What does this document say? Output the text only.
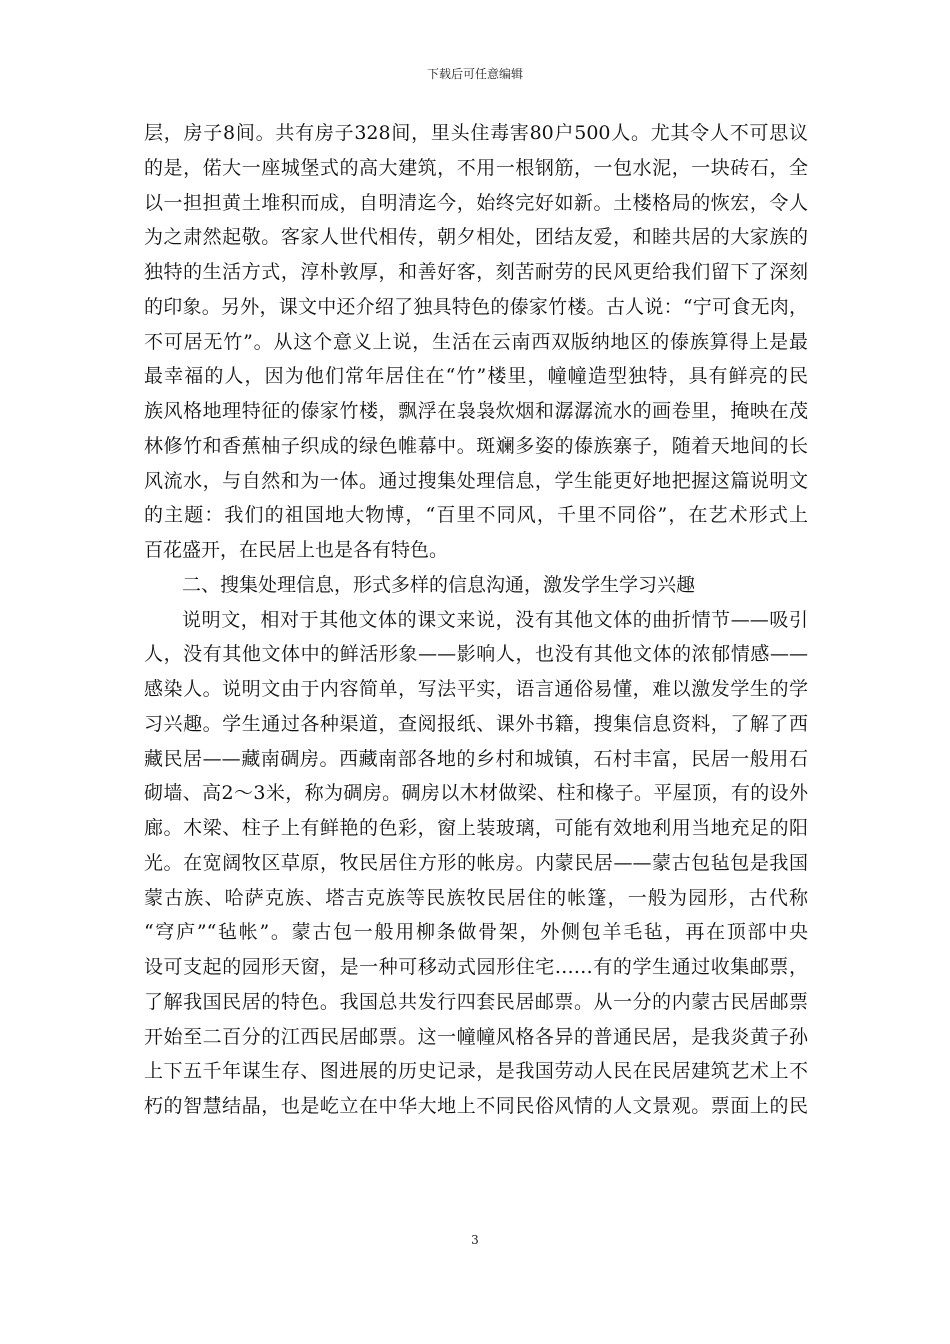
下载后可任意编辑
层，房子8间。共有房子328间，里头住毒害80户500人。尤其令人不可思议
的是，偌大一座城堡式的高大建筑，不用一根钢筋，一包水泥，一块砖石，全
以一担担黄土堆积而成，自明清迄今，始终完好如新。土楼格局的恢宏，令人
为之肃然起敬。客家人世代相传，朝夕相处，团结友爱，和睦共居的大家族的
独特的生活方式，淳朴敦厚，和善好客，刻苦耐劳的民风更给我们留下了深刻
的印象。另外，课文中还介绍了独具特色的傣家竹楼。古人说：“宁可食无肉，
不可居无竹”。从这个意义上说，生活在云南西双版纳地区的傣族算得上是最
最幸福的人，因为他们常年居住在“竹”楼里，幢幢造型独特，具有鲜亮的民
族风格地理特征的傣家竹楼，飘浮在袅袅炊烟和潺潺流水的画卷里，掩映在茂
林修竹和香蕉柚子织成的绿色帷幕中。斑斓多姿的傣族寨子，随着天地间的长
风流水，与自然和为一体。通过搜集处理信息，学生能更好地把握这篇说明文
的主题：我们的祖国地大物博，“百里不同风，千里不同俗”，在艺术形式上
百花盛开，在民居上也是各有特色。
二、搜集处理信息，形式多样的信息沟通，激发学生学习兴趣
说明文，相对于其他文体的课文来说，没有其他文体的曲折情节——吸引
人，没有其他文体中的鲜活形象——影响人，也没有其他文体的浓郁情感——
感染人。说明文由于内容简单，写法平实，语言通俗易懂，难以激发学生的学
习兴趣。学生通过各种渠道，查阅报纸、课外书籍，搜集信息资料，了解了西
藏民居——藏南碉房。西藏南部各地的乡村和城镇，石村丰富，民居一般用石
砌墙、高2～3米，称为碉房。碉房以木材做梁、柱和椽子。平屋顶，有的设外
廊。木梁、柱子上有鲜艳的色彩，窗上装玻璃，可能有效地利用当地充足的阳
光。在宽阔牧区草原，牧民居住方形的帐房。内蒙民居——蒙古包毡包是我国
蒙古族、哈萨克族、塔吉克族等民族牧民居住的帐篷，一般为园形，古代称
“穹庐”“毡帐”。蒙古包一般用柳条做骨架，外侧包羊毛毡，再在顶部中央
设可支起的园形天窗，是一种可移动式园形住宅……有的学生通过收集邮票，
了解我国民居的特色。我国总共发行四套民居邮票。从一分的内蒙古民居邮票
开始至二百分的江西民居邮票。这一幢幢风格各异的普通民居，是我炎黄子孙
上下五千年谋生存、图进展的历史记录，是我国劳动人民在民居建筑艺术上不
朽的智慧结晶，也是屹立在中华大地上不同民俗风情的人文景观。票面上的民
3
